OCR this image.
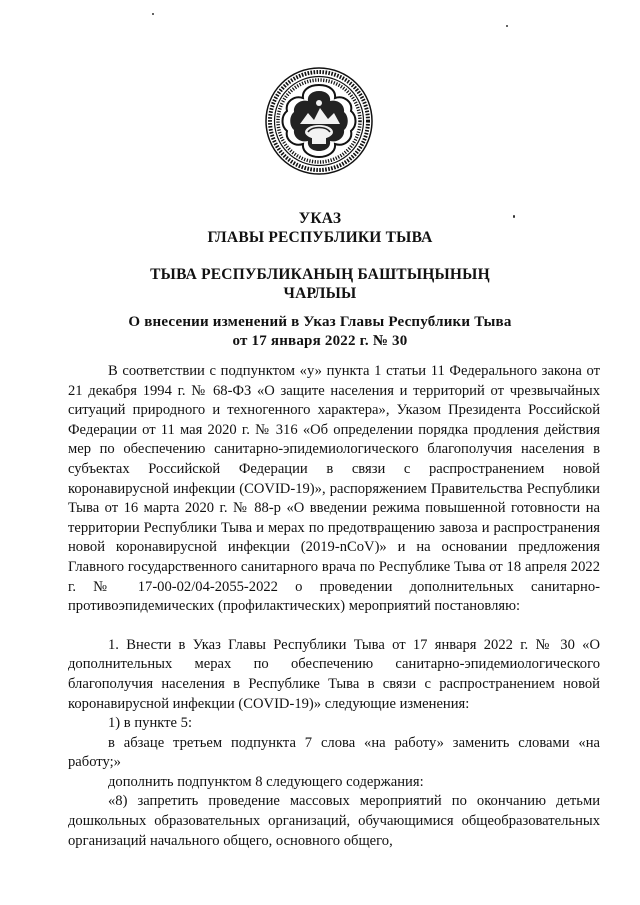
УКАЗ
ГЛАВЫ РЕСПУБЛИКИ ТЫВА
ТЫВА РЕСПУБЛИКАНЫҢ БАШТЫҢЫНЫҢ
ЧАРЛЫЫ
О внесении изменений в Указ Главы Республики Тыва
от 17 января 2022 г. № 30

В соответствии с подпунктом «у» пункта 1 статьи 11 Федерального закона от 21 декабря 1994 г. № 68-ФЗ «О защите населения и территорий от чрезвычайных ситуаций природного и техногенного характера», Указом Президента Российской Федерации от 11 мая 2020 г. № 316 «Об определении порядка продления действия мер по обеспечению санитарно-эпидемиологического благополучия населения в субъектах Российской Федерации в связи с распространением новой коронавирусной инфекции (COVID-19)», распоряжением Правительства Республики Тыва от 16 марта 2020 г. № 88-р «О введении режима повышенной готовности на территории Республики Тыва и мерах по предотвращению завоза и распространения новой коронавирусной инфекции (2019-nCoV)» и на основании предложения Главного государственного санитарного врача по Республике Тыва от 18 апреля 2022 г. № 17-00-02/04-2055-2022 о проведении дополнительных санитарно-противоэпидемических (профилактических) мероприятий постановляю:

1. Внести в Указ Главы Республики Тыва от 17 января 2022 г. № 30 «О дополнительных мерах по обеспечению санитарно-эпидемиологического благополучия населения в Республике Тыва в связи с распространением новой коронавирусной инфекции (COVID-19)» следующие изменения:

1) в пункте 5:

в абзаце третьем подпункта 7 слова «на работу» заменить словами «на работу;»

дополнить подпунктом 8 следующего содержания:

«8) запретить проведение массовых мероприятий по окончанию детьми дошкольных образовательных организаций, обучающимися общеобразовательных организаций начального общего, основного общего,
